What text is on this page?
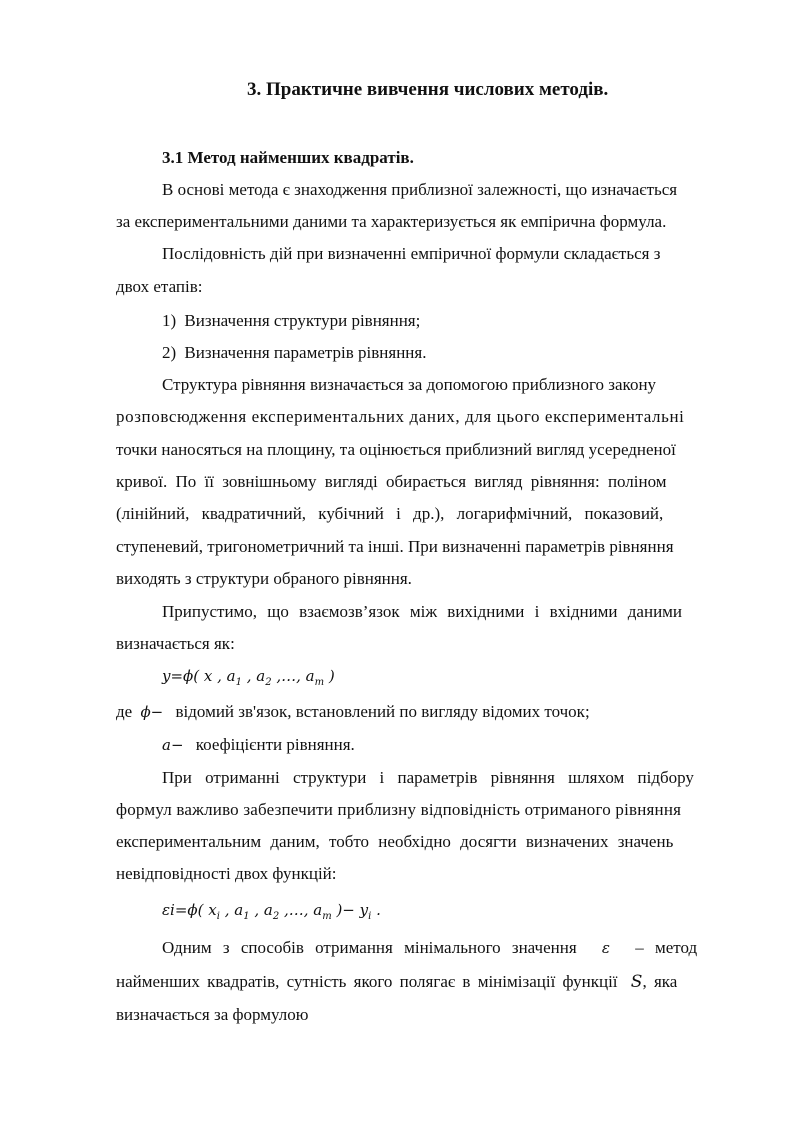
3. Практичне вивчення числових методів.
3.1 Метод найменших квадратів.
В основі метода є знаходження приблизної залежності, що изначається
за експериментальними даними та характеризується як емпірична формула.
Послідовність дій при визначенні емпіричної формули складається з
двох етапів:
1) Визначення структури рівняння;
2) Визначення параметрів рівняння.
Структура рівняння визначається за допомогою приблизного закону
розповсюдження експериментальних даних, для цього експериментальні
точки наносяться на площину, та оцінюється приблизний вигляд усередненої
кривої. По її зовнішньому вигляді обирається вигляд рівняння: поліном
(лінійний, квадратичний, кубічний і др.), логарифмічний, показовий,
ступеневий, тригонометричний та інші. При визначенні параметрів рівняння
виходять з структури обраного рівняння.
Припустимо, що взаємозв’язок між вихідними і вхідними даними
визначається як:
y=ϕ( x , $a_1$ , $a_2$ ,…, $a_m$ )
де ϕ− відомий зв'язок, встановлений по вигляду відомих точок;
a− коефіцієнти рівняння.
При отриманні структури і параметрів рівняння шляхом підбору
формул важливо забезпечити приблизну відповідність отриманого рівняння
експериментальним даним, тобто необхідно досягти визначених значень
невідповідності двох функцій:
εi=ϕ( $x_i$ , $a_1$ , $a_2$ ,…, $a_m$ )− $y_i$ .
Одним з способів отримання мінімального значення ε – метод
найменших квадратів, сутність якого полягає в мінімізації функції S, яка
визначається за формулою
